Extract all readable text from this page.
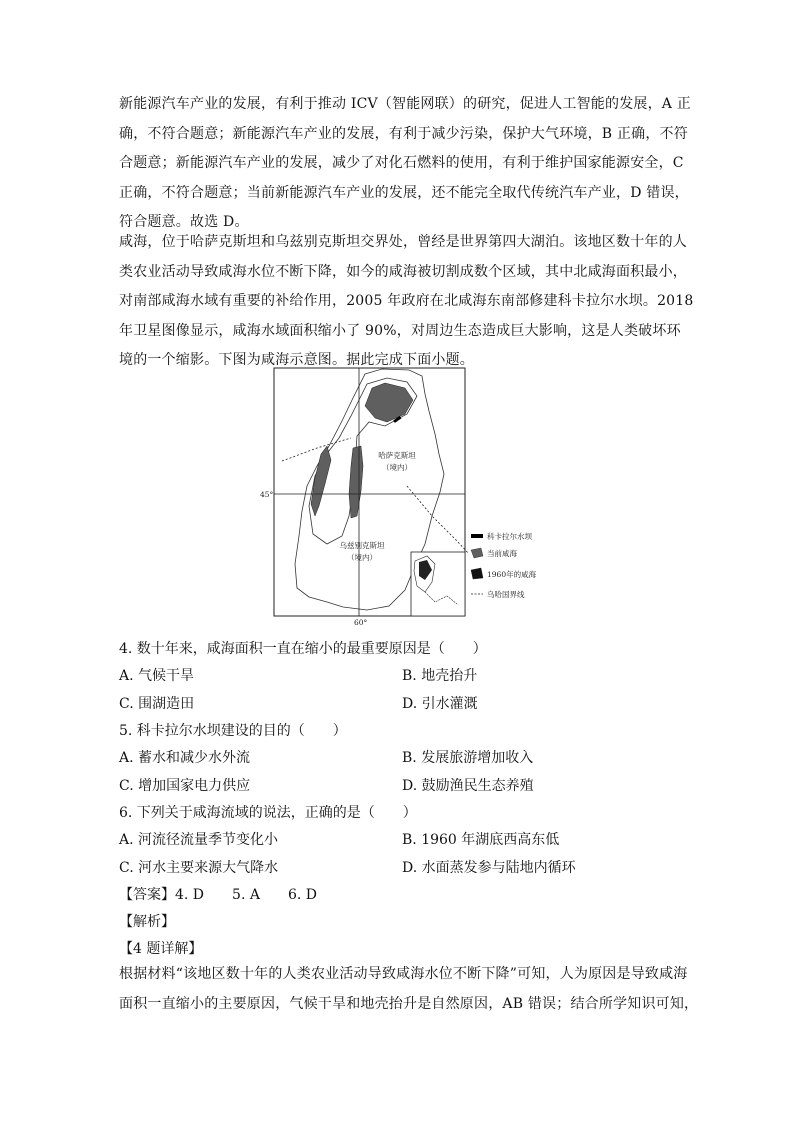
新能源汽车产业的发展，有利于推动 ICV（智能网联）的研究，促进人工智能的发展，A 正
确，不符合题意；新能源汽车产业的发展，有利于减少污染，保护大气环境，B 正确，不符
合题意；新能源汽车产业的发展，减少了对化石燃料的使用，有利于维护国家能源安全，C
正确，不符合题意；当前新能源汽车产业的发展，还不能完全取代传统汽车产业，D 错误，
符合题意。故选 D。
咸海，位于哈萨克斯坦和乌兹别克斯坦交界处，曾经是世界第四大湖泊。该地区数十年的人
类农业活动导致咸海水位不断下降，如今的咸海被切割成数个区域，其中北咸海面积最小，
对南部咸海水域有重要的补给作用，2005 年政府在北咸海东南部修建科卡拉尔水坝。2018
年卫星图像显示，咸海水域面积缩小了 90%，对周边生态造成巨大影响，这是人类破坏环
境的一个缩影。下图为咸海示意图。据此完成下面小题。
哈萨克斯坦
（境内）
乌兹别克斯坦
（境内）
45°
60°
科卡拉尔水坝
当前咸海
1960年的咸海
乌哈国界线
4. 数十年来，咸海面积一直在缩小的最重要原因是（　　）
A. 气候干旱	B. 地壳抬升
C. 围湖造田	D. 引水灌溉
5. 科卡拉尔水坝建设的目的（　　）
A. 蓄水和减少水外流	B. 发展旅游增加收入
C. 增加国家电力供应	D. 鼓励渔民生态养殖
6. 下列关于咸海流域的说法，正确的是（　　）
A. 河流径流量季节变化小	B. 1960 年湖底西高东低
C. 河水主要来源大气降水	D. 水面蒸发参与陆地内循环
【答案】4. D　　5. A　　6. D
【解析】
【4 题详解】
根据材料“该地区数十年的人类农业活动导致咸海水位不断下降”可知，人为原因是导致咸海
面积一直缩小的主要原因，气候干旱和地壳抬升是自然原因，AB 错误；结合所学知识可知，
